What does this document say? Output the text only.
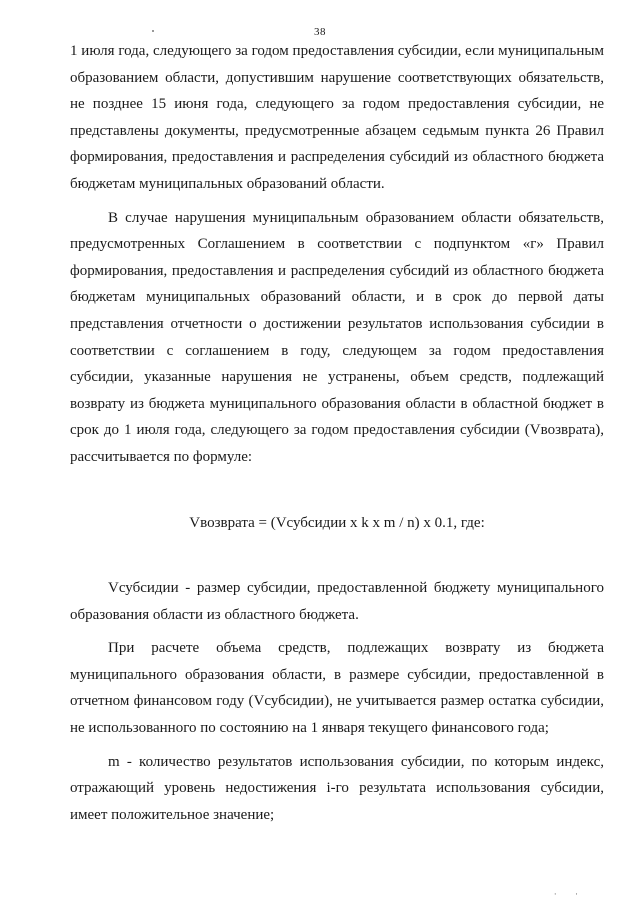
38

1 июля года, следующего за годом предоставления субсидии, если муниципальным образованием области, допустившим нарушение соответствующих обязательств, не позднее 15 июня года, следующего за годом предоставления субсидии, не представлены документы, предусмотренные абзацем седьмым пункта 26 Правил формирования, предоставления и распределения субсидий из областного бюджета бюджетам муниципальных образований области.

В случае нарушения муниципальным образованием области обязательств, предусмотренных Соглашением в соответствии с подпунктом «г» Правил формирования, предоставления и распределения субсидий из областного бюджета бюджетам муниципальных образований области, и в срок до первой даты представления отчетности о достижении результатов использования субсидии в соответствии с соглашением в году, следующем за годом предоставления субсидии, указанные нарушения не устранены, объем средств, подлежащий возврату из бюджета муниципального образования области в областной бюджет в срок до 1 июля года, следующего за годом предоставления субсидии (Vвозврата), рассчитывается по формуле:

Vвозврата = (Vсубсидии x k x m / n) x 0.1, где:

Vсубсидии - размер субсидии, предоставленной бюджету муниципального образования области из областного бюджета.

При расчете объема средств, подлежащих возврату из бюджета муниципального образования области, в размере субсидии, предоставленной в отчетном финансовом году (Vсубсидии), не учитывается размер остатка субсидии, не использованного по состоянию на 1 января текущего финансового года;

m - количество результатов использования субсидии, по которым индекс, отражающий уровень недостижения i-го результата использования субсидии, имеет положительное значение;

· ·
